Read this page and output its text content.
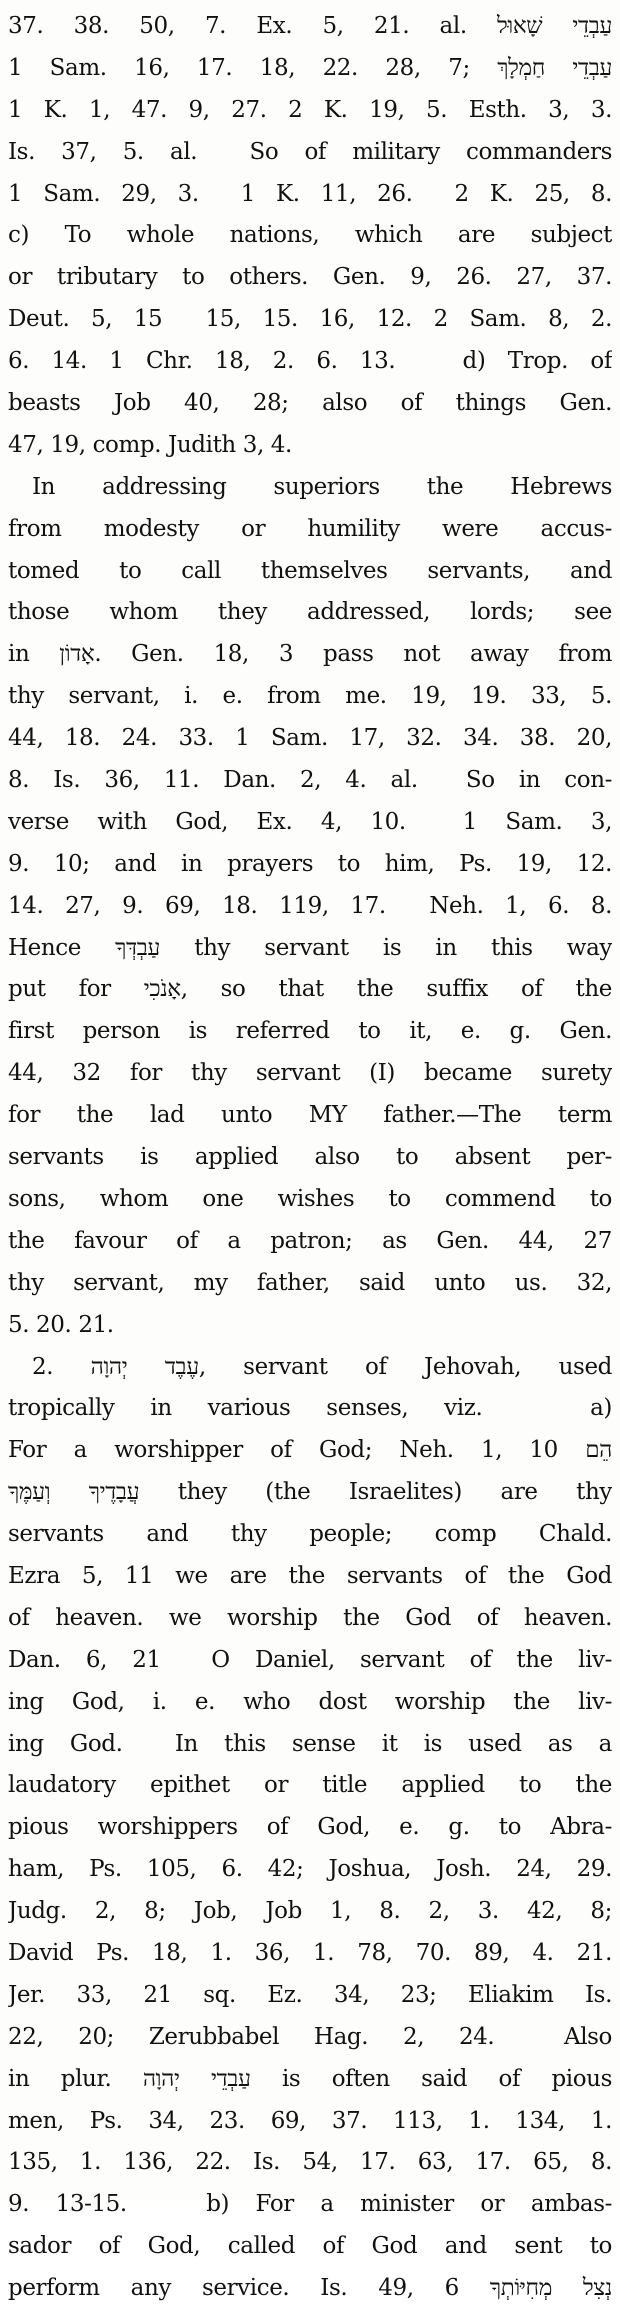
37. 38. 50, 7. Ex. 5, 21. al. עַבְדֵי שָׁאוּל
1 Sam. 16, 17. 18, 22. 28, 7; עַבְדֵי חַמְלָךְ
1 K. 1, 47. 9, 27. 2 K. 19, 5. Esth. 3, 3.
Is. 37, 5. al.  So of military commanders
1 Sam. 29, 3.  1 K. 11, 26.  2 K. 25, 8.
c) To whole nations, which are subject
or tributary to others. Gen. 9, 26. 27, 37.
Deut. 5, 15  15, 15. 16, 12. 2 Sam. 8, 2.
6. 14. 1 Chr. 18, 2. 6. 13.   d) Trop. of
beasts Job 40, 28; also of things Gen.
47, 19, comp. Judith 3, 4.
In addressing superiors the Hebrews
from modesty or humility were accus-
tomed to call themselves servants, and
those whom they addressed, lords; see
in אָדוֹן. Gen. 18, 3 pass not away from
thy servant, i. e. from me. 19, 19. 33, 5.
44, 18. 24. 33. 1 Sam. 17, 32. 34. 38. 20,
8. Is. 36, 11. Dan. 2, 4. al.  So in con-
verse with God, Ex. 4, 10.  1 Sam. 3,
9. 10; and in prayers to him, Ps. 19, 12.
14. 27, 9. 69, 18. 119, 17.  Neh. 1, 6. 8.
Hence עַבְדְּךָ thy servant is in this way
put for אָנֹכִי, so that the suffix of the
first person is referred to it, e. g. Gen.
44, 32 for thy servant (I) became surety
for the lad unto MY father.—The term
servants is applied also to absent per-
sons, whom one wishes to commend to
the favour of a patron; as Gen. 44, 27
thy servant, my father, said unto us. 32,
5. 20. 21.
2. עֶבֶד יְהוָה, servant of Jehovah, used
tropically in various senses, viz.   a)
For a worshipper of God; Neh. 1, 10 הֵם
עֲבָדֶיךָ וְעַמֶּךָ they (the Israelites) are thy
servants and thy people; comp Chald.
Ezra 5, 11 we are the servants of the God
of heaven. we worship the God of heaven.
Dan. 6, 21  O Daniel, servant of the liv-
ing God, i. e. who dost worship the liv-
ing God.  In this sense it is used as a
laudatory epithet or title applied to the
pious worshippers of God, e. g. to Abra-
ham, Ps. 105, 6. 42; Joshua, Josh. 24, 29.
Judg. 2, 8; Job, Job 1, 8. 2, 3. 42, 8;
David Ps. 18, 1. 36, 1. 78, 70. 89, 4. 21.
Jer. 33, 21 sq. Ez. 34, 23; Eliakim Is.
22, 20; Zerubbabel Hag. 2, 24.  Also
in plur. עַבְדֵי יְהוָה is often said of pious
men, Ps. 34, 23. 69, 37. 113, 1. 134, 1.
135, 1. 136, 22. Is. 54, 17. 63, 17. 65, 8.
9. 13-15.   b) For a minister or ambas-
sador of God, called of God and sent to
perform any service. Is. 49, 6 נְצִל מְחִיּוֹתְךָ
